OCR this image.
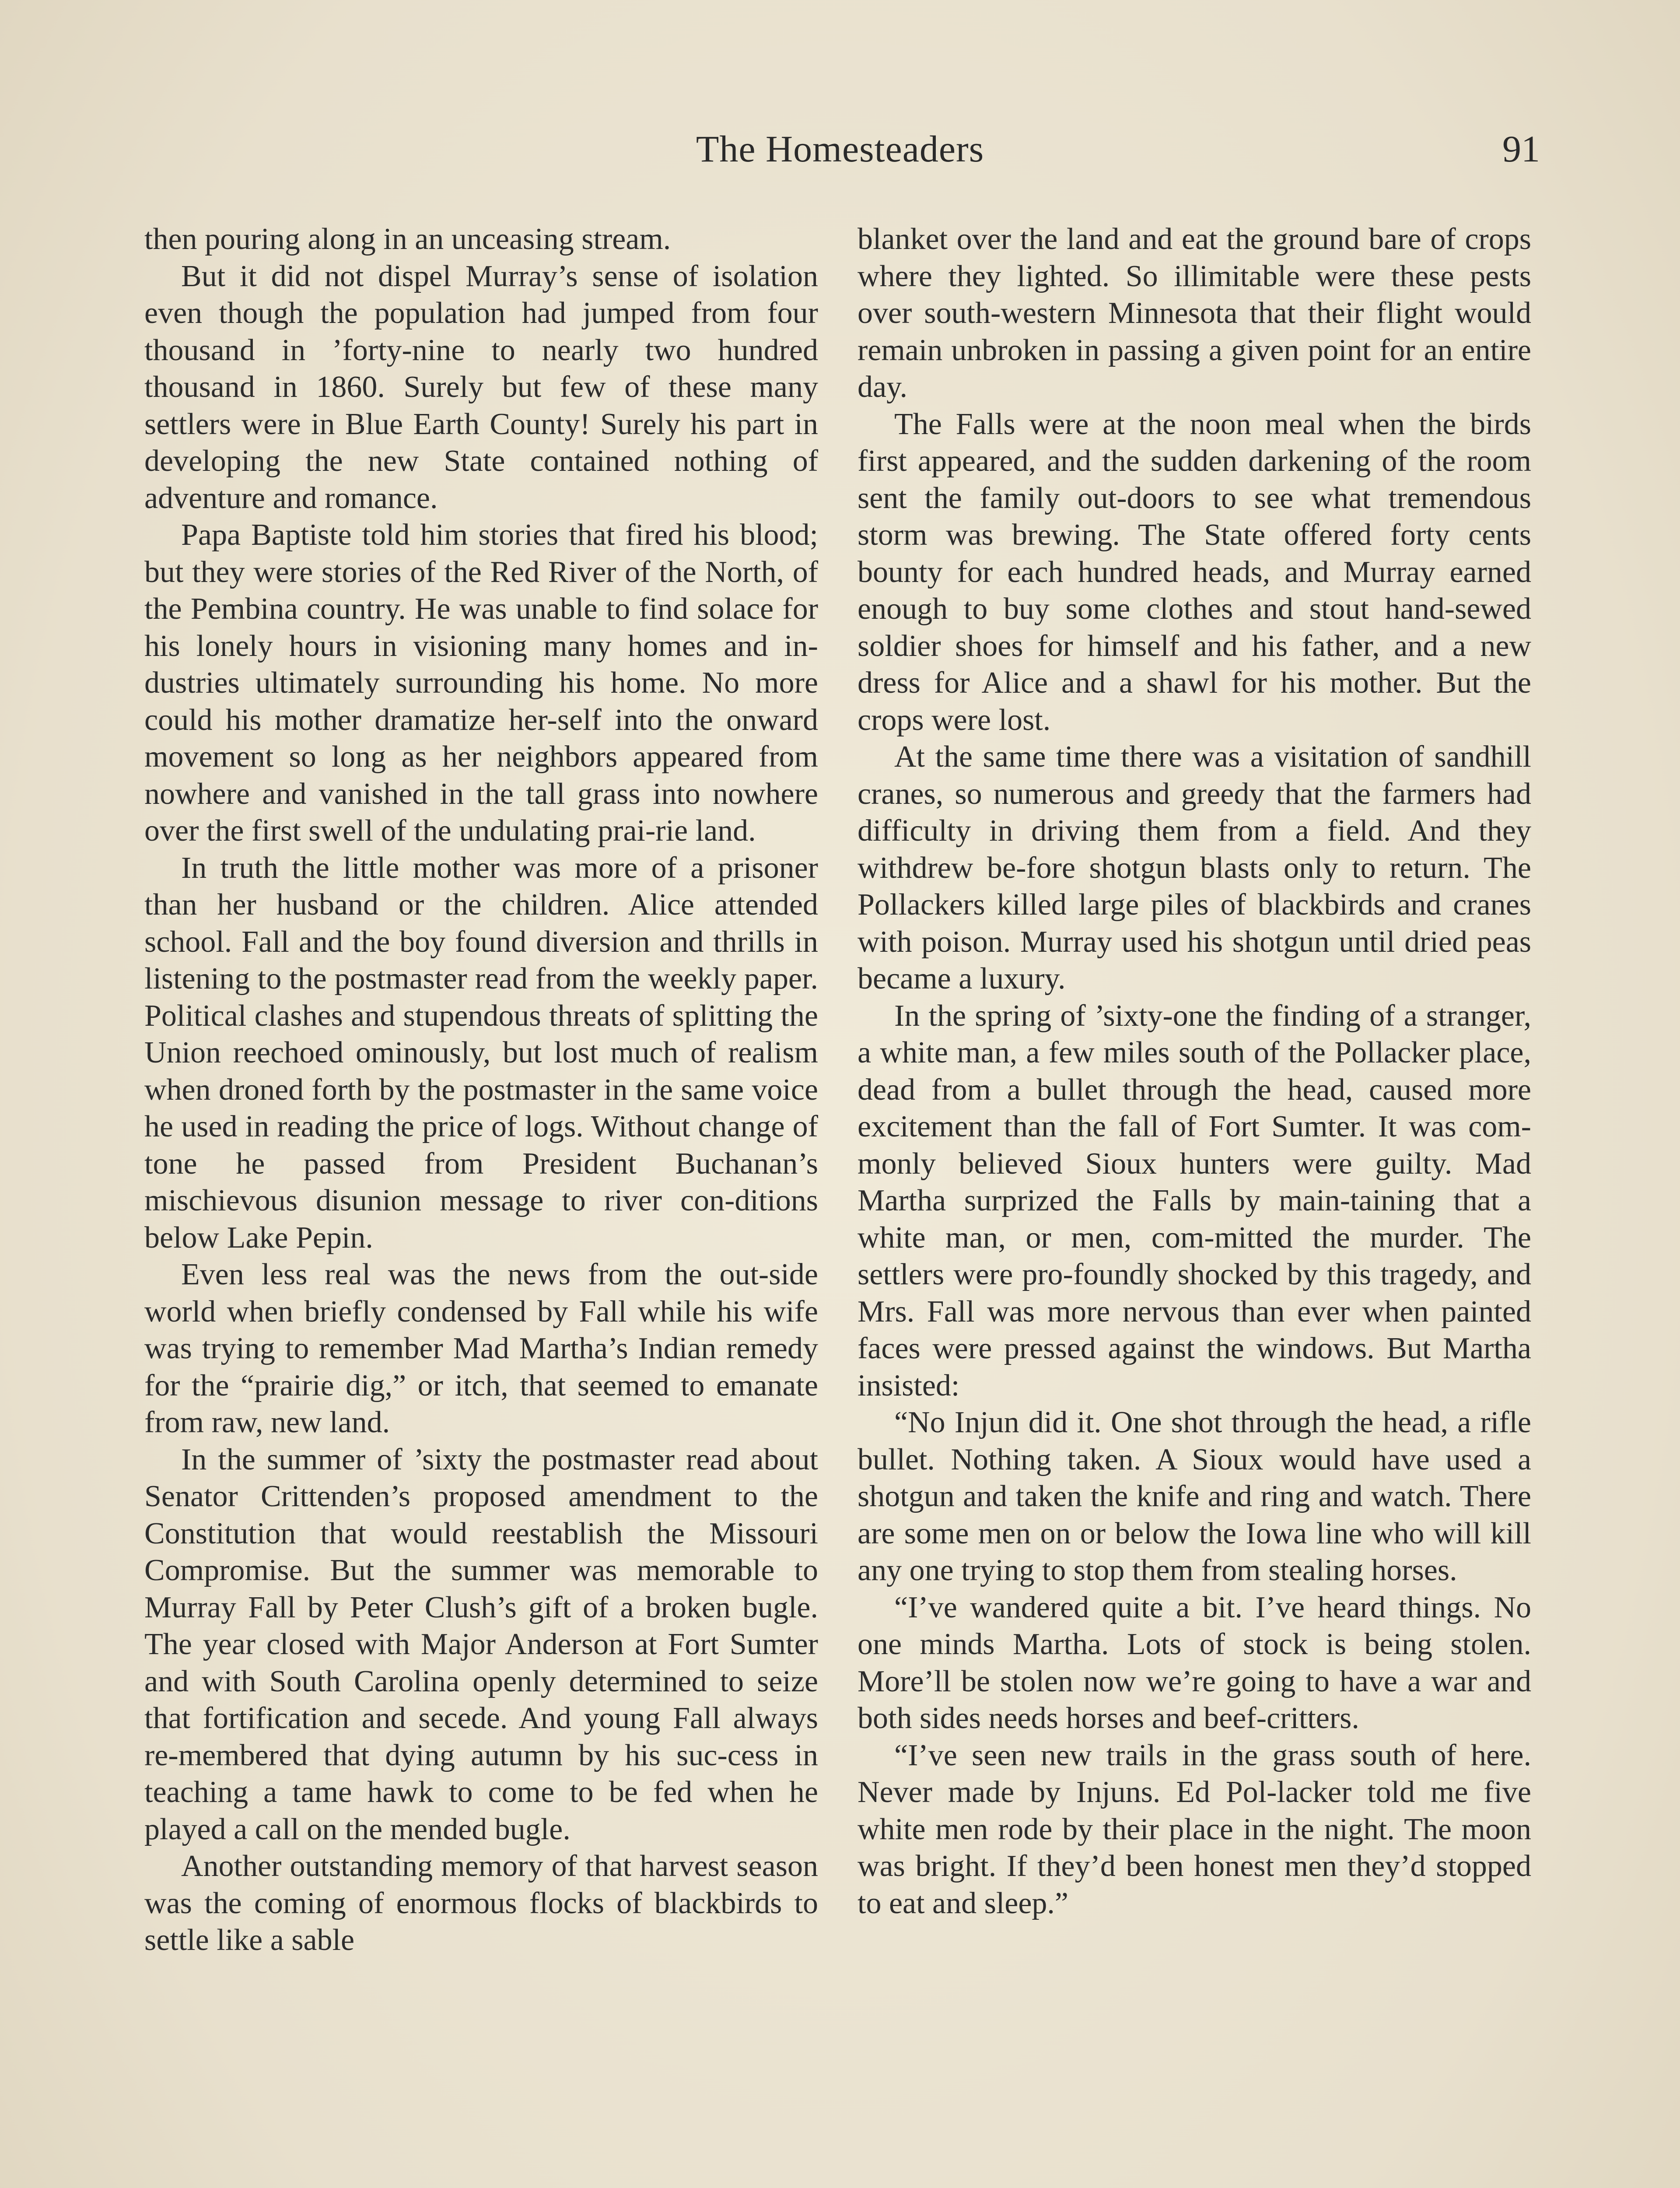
The Homesteaders	91

then pouring along in an unceasing stream.

But it did not dispel Murray’s sense of isolation even though the population had jumped from four thousand in ’forty-nine to nearly two hundred thousand in 1860. Surely but few of these many settlers were in Blue Earth County! Surely his part in developing the new State contained nothing of adventure and romance.

Papa Baptiste told him stories that fired his blood; but they were stories of the Red River of the North, of the Pembina country. He was unable to find solace for his lonely hours in visioning many homes and in-dustries ultimately surrounding his home. No more could his mother dramatize her-self into the onward movement so long as her neighbors appeared from nowhere and vanished in the tall grass into nowhere over the first swell of the undulating prai-rie land.

In truth the little mother was more of a prisoner than her husband or the children. Alice attended school. Fall and the boy found diversion and thrills in listening to the postmaster read from the weekly paper. Political clashes and stupendous threats of splitting the Union reechoed ominously, but lost much of realism when droned forth by the postmaster in the same voice he used in reading the price of logs. Without change of tone he passed from President Buchanan’s mischievous disunion message to river con-ditions below Lake Pepin.

Even less real was the news from the out-side world when briefly condensed by Fall while his wife was trying to remember Mad Martha’s Indian remedy for the “prairie dig,” or itch, that seemed to emanate from raw, new land.

In the summer of ’sixty the postmaster read about Senator Crittenden’s proposed amendment to the Constitution that would reestablish the Missouri Compromise. But the summer was memorable to Murray Fall by Peter Clush’s gift of a broken bugle. The year closed with Major Anderson at Fort Sumter and with South Carolina openly determined to seize that fortification and secede. And young Fall always re-membered that dying autumn by his suc-cess in teaching a tame hawk to come to be fed when he played a call on the mended bugle.

Another outstanding memory of that harvest season was the coming of enormous flocks of blackbirds to settle like a sable

blanket over the land and eat the ground bare of crops where they lighted. So illimitable were these pests over south-western Minnesota that their flight would remain unbroken in passing a given point for an entire day.

The Falls were at the noon meal when the birds first appeared, and the sudden darkening of the room sent the family out-doors to see what tremendous storm was brewing. The State offered forty cents bounty for each hundred heads, and Murray earned enough to buy some clothes and stout hand-sewed soldier shoes for himself and his father, and a new dress for Alice and a shawl for his mother. But the crops were lost.

At the same time there was a visitation of sandhill cranes, so numerous and greedy that the farmers had difficulty in driving them from a field. And they withdrew be-fore shotgun blasts only to return. The Pollackers killed large piles of blackbirds and cranes with poison. Murray used his shotgun until dried peas became a luxury.

In the spring of ’sixty-one the finding of a stranger, a white man, a few miles south of the Pollacker place, dead from a bullet through the head, caused more excitement than the fall of Fort Sumter. It was com-monly believed Sioux hunters were guilty. Mad Martha surprized the Falls by main-taining that a white man, or men, com-mitted the murder. The settlers were pro-foundly shocked by this tragedy, and Mrs. Fall was more nervous than ever when painted faces were pressed against the windows. But Martha insisted:

“No Injun did it. One shot through the head, a rifle bullet. Nothing taken. A Sioux would have used a shotgun and taken the knife and ring and watch. There are some men on or below the Iowa line who will kill any one trying to stop them from stealing horses.

“I’ve wandered quite a bit. I’ve heard things. No one minds Martha. Lots of stock is being stolen. More’ll be stolen now we’re going to have a war and both sides needs horses and beef-critters.

“I’ve seen new trails in the grass south of here. Never made by Injuns. Ed Pol-lacker told me five white men rode by their place in the night. The moon was bright. If they’d been honest men they’d stopped to eat and sleep.”
